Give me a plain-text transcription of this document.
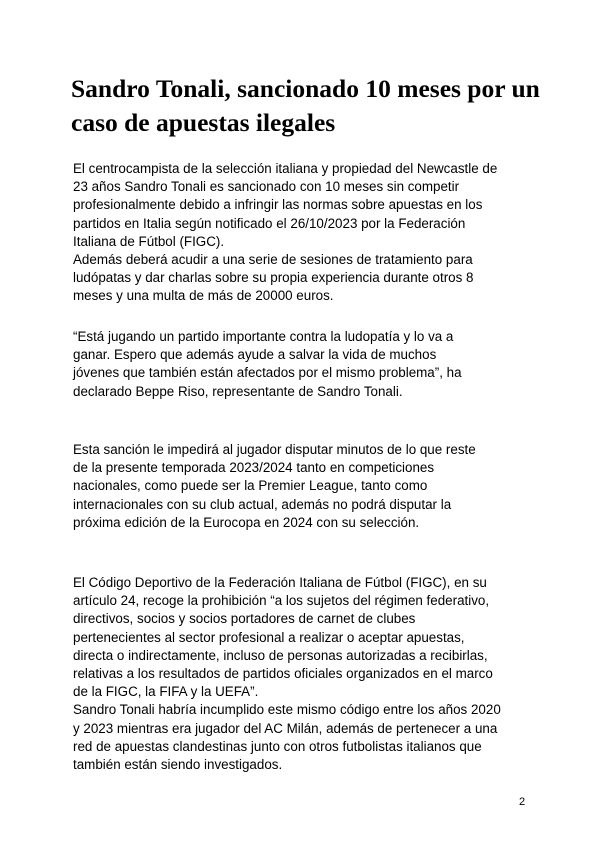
Sandro Tonali, sancionado 10 meses por un caso de apuestas ilegales

El centrocampista de la selección italiana y propiedad del Newcastle de
23 años Sandro Tonali es sancionado con 10 meses sin competir
profesionalmente debido a infringir las normas sobre apuestas en los
partidos en Italia según notificado el 26/10/2023 por la Federación
Italiana de Fútbol (FIGC).
Además deberá acudir a una serie de sesiones de tratamiento para
ludópatas y dar charlas sobre su propia experiencia durante otros 8
meses y una multa de más de 20000 euros.

“Está jugando un partido importante contra la ludopatía y lo va a
ganar. Espero que además ayude a salvar la vida de muchos
jóvenes que también están afectados por el mismo problema”, ha
declarado Beppe Riso, representante de Sandro Tonali.

Esta sanción le impedirá al jugador disputar minutos de lo que reste
de la presente temporada 2023/2024 tanto en competiciones
nacionales, como puede ser la Premier League, tanto como
internacionales con su club actual, además no podrá disputar la
próxima edición de la Eurocopa en 2024 con su selección.

El Código Deportivo de la Federación Italiana de Fútbol (FIGC), en su
artículo 24, recoge la prohibición “a los sujetos del régimen federativo,
directivos, socios y socios portadores de carnet de clubes
pertenecientes al sector profesional a realizar o aceptar apuestas,
directa o indirectamente, incluso de personas autorizadas a recibirlas,
relativas a los resultados de partidos oficiales organizados en el marco
de la FIGC, la FIFA y la UEFA”.
Sandro Tonali habría incumplido este mismo código entre los años 2020
y 2023 mientras era jugador del AC Milán, además de pertenecer a una
red de apuestas clandestinas junto con otros futbolistas italianos que
también están siendo investigados.

2
